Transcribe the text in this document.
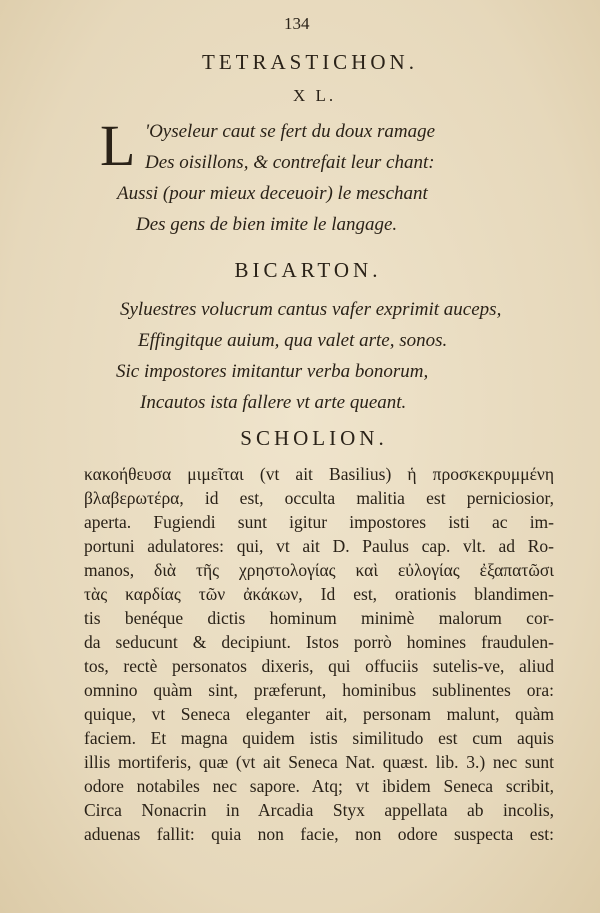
134
TETRASTICHON.
X L.
L 'Oyseleur caut se fert du doux ramage
Des oisillons, & contrefait leur chant:
Aussi (pour mieux deceuoir) le meschant
Des gens de bien imite le langage.
BICARTON.
Syluestres volucrum cantus vafer exprimit auceps,
Effingitque auium, qua valet arte, sonos.
Sic impostores imitantur verba bonorum,
Incautos ista fallere vt arte queant.
SCHOLION.
κακοήθευσα μιμεῖται (vt ait Basilius) ἡ προσκεκρυμμένη
βλαβερωτέρα, id est, occulta malitia est perniciosior,
aperta. Fugiendi sunt igitur impostores isti ac im-
portuni adulatores: qui, vt ait D. Paulus cap. vlt. ad Ro-
manos, διὰ τῆς χρηστολογίας καὶ εὐλογίας ἐξαπατῶσι
τὰς καρδίας τῶν ἀκάκων, Id est, orationis blandimen-
tis benéque dictis hominum minimè malorum cor-
da seducunt & decipiunt. Istos porrò homines fraudulen-
tos, rectè personatos dixeris, qui offuciis sutelis-ve, aliud
omnino quàm sint, præferunt, hominibus sublinentes ora:
quique, vt Seneca eleganter ait, personam malunt, quàm
faciem. Et magna quidem istis similitudo est cum aquis
illis mortiferis, quæ (vt ait Seneca Nat. quæst. lib. 3.) nec sunt
odore notabiles nec sapore. Atq; vt ibidem Seneca scribit,
Circa Nonacrin in Arcadia Styx appellata ab incolis,
aduenas fallit: quia non facie, non odore suspecta est:
